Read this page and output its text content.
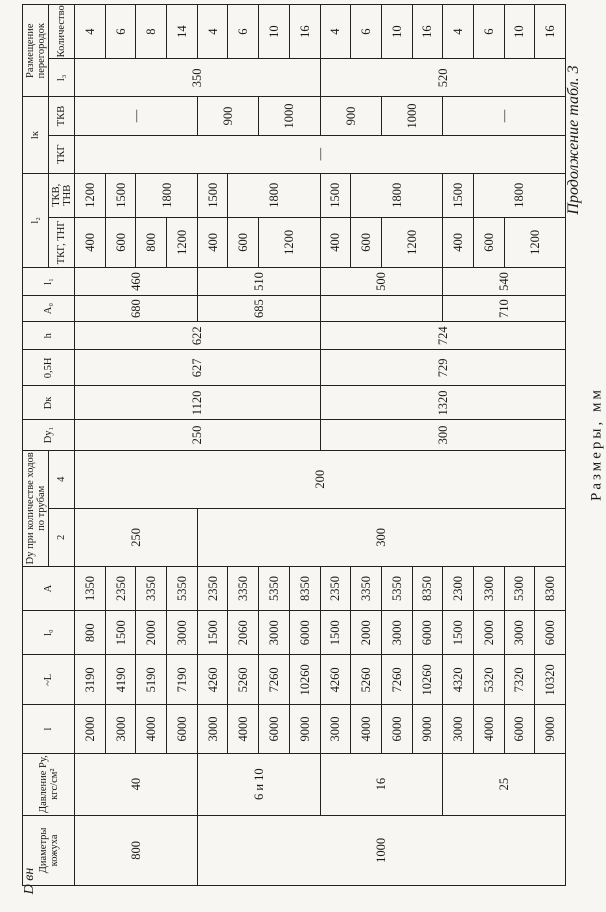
Продолжение табл. 3
Размеры, мм
D вн
Диаметры кожуха	Давление Pу, кгс/см²	l	~L	l₀	A	Dу при количестве ходов по трубам		Dу₁	Dк	0,5H	h	A₀	l₁	l₂		lк		Размещение перегородок	
						2	4							ТКГ, ТНГ	ТКВ, ТНВ	ТКГ	ТКВ	l₃	Количество
800	40	2000	3190	800	1350	250	200	250	1120	627	622	680	460	400	1200	—	—	350	4
		3000	4190	1500	2350									600	1500				6
		4000	5190	2000	3350									800	1800				8
		6000	7190	3000	5350									1200					14
1000	6 и 10	3000	4260	1500	2350	300						685	510	400	1500		900		4
		4000	5260	2060	3350									600	1800				6
		6000	7260	3000	5350									1200			1000		10
		9000	10260	6000	8350														16
	16	3000	4260	1500	2350			300	1320	729	724		500	400	1500		900	520	4
		4000	5260	2000	3350									600	1800				6
		6000	7260	3000	5350									1200			1000		10
		9000	10260	6000	8350														16
	25	3000	4320	1500	2300							710	540	400	1500		—		4
		4000	5320	2000	3300									600	1800				6
		6000	7320	3000	5300									1200					10
		9000	10320	6000	8300														16
